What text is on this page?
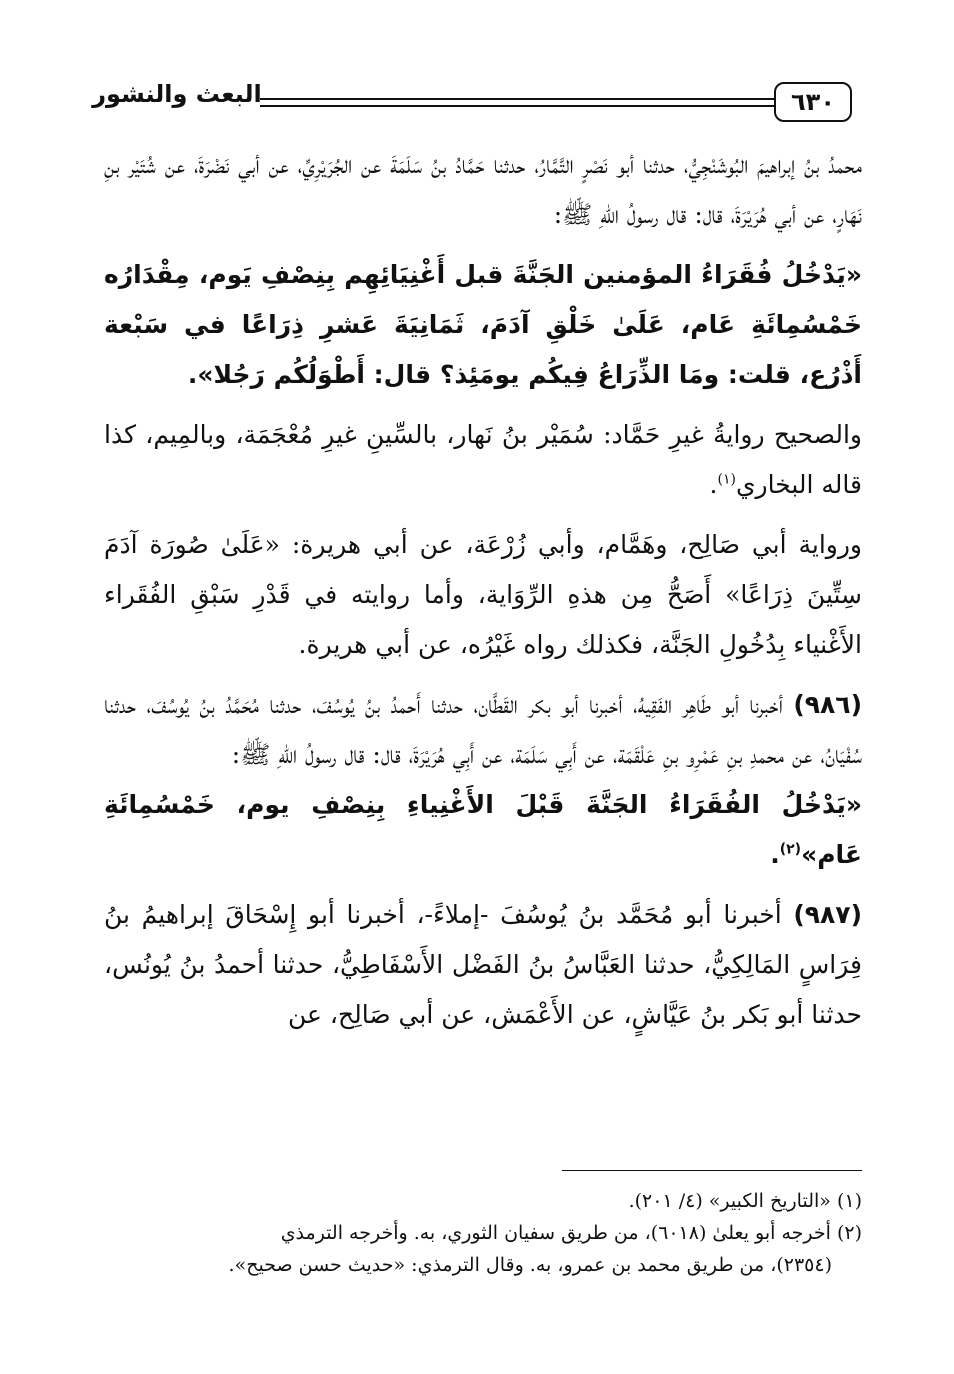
٦٣٠
البعث والنشور

محمدُ بنُ إبراهيمَ البُوشَنْجِيُّ، حدثنا أبو نَصْرٍ التَّمَّارُ، حدثنا حَمَّادُ بنُ سَلَمَةَ عن الجُرَيْرِيِّ، عن أبي نَضْرَةَ، عن شُتَيْر بنِ نَهَارٍ، عن أبي هُرَيْرَةَ، قال: قال رسولُ اللهِ ﷺ:

«يَدْخُلُ فُقَرَاءُ المؤمنين الجَنَّةَ قبل أَغْنِيَائِهِم بِنِصْفِ يَوم، مِقْدَارُه خَمْسُمِائَةِ عَام، عَلَىٰ خَلْقِ آدَمَ، ثَمَانِيَةَ عَشرِ ذِرَاعًا في سَبْعة أَذْرُع، قلت: ومَا الذِّرَاعُ فِيكُم يومَئِذ؟ قال: أَطْوَلُكُم رَجُلا».

والصحيح روايةُ غيرِ حَمَّاد: سُمَيْر بنُ نَهار، بالسِّينِ غيرِ مُعْجَمَة، وبالمِيم، كذا قاله البخاري$^{(١)}$.

ورواية أبي صَالِح، وهَمَّام، وأبي زُرْعَة، عن أبي هريرة: «عَلَىٰ صُورَة آدَمَ سِتِّينَ ذِرَاعًا» أَصَحُّ مِن هذهِ الرِّوَاية، وأما روايته في قَدْرِ سَبْقِ الفُقَراء الأَغْنياء بِدُخُولِ الجَنَّة، فكذلك رواه غَيْرُه، عن أبي هريرة.

(٩٨٦) أخبرنا أبو طَاهِر الفَقِيهُ، أخبرنا أبو بكر القَطَّان، حدثنا أَحمدُ بنُ يُوسُفَ، حدثنا مُحَمَّدُ بنُ يُوسُفَ، حدثنا سُفْيَانُ، عن محمدِ بنِ عَمْرِو بنِ عَلْقَمَة، عن أَبِي سَلَمَة، عن أَبِي هُرَيْرَةَ، قال: قال رسولُ اللهِ ﷺ:

«يَدْخُلُ الفُقَرَاءُ الجَنَّةَ قَبْلَ الأَغْنِياءِ بِنِصْفِ يوم، خَمْسُمِائَةِ عَام»$^{(٢)}$.

(٩٨٧) أخبرنا أبو مُحَمَّد بنُ يُوسُفَ -إملاءً-، أخبرنا أبو إِسْحَاقَ إبراهيمُ بنُ فِرَاسٍ المَالِكِيُّ، حدثنا العَبَّاسُ بنُ الفَضْل الأَسْفَاطِيُّ، حدثنا أحمدُ بنُ يُونُس، حدثنا أبو بَكر بنُ عَيَّاشٍ، عن الأَعْمَش، عن أبي صَالِح، عن

(١) «التاريخ الكبير» (٤/ ٢٠١).

(٢) أخرجه أبو يعلىٰ (٦٠١٨)، من طريق سفيان الثوري، به. وأخرجه الترمذي

(٢٣٥٤)، من طريق محمد بن عمرو، به. وقال الترمذي: «حديث حسن صحيح».
